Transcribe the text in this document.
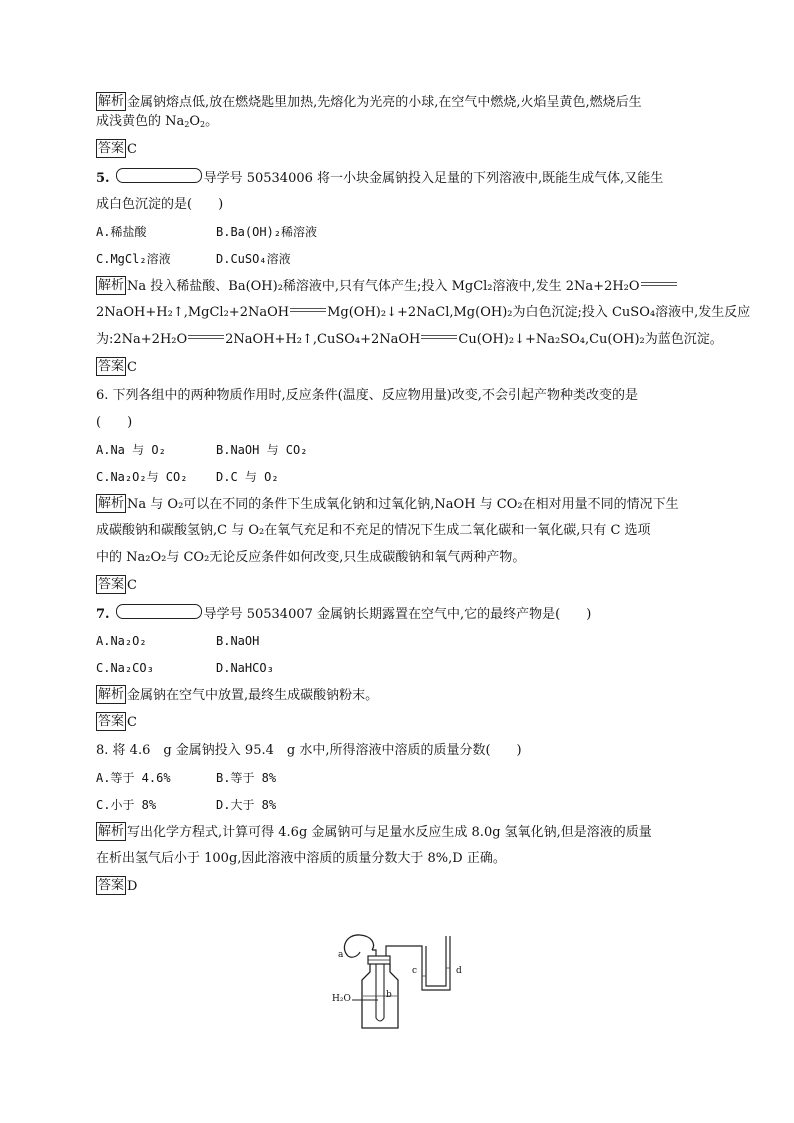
解析 金属钠熔点低,放在燃烧匙里加热,先熔化为光亮的小球,在空气中燃烧,火焰呈黄色,燃烧后生

成浅黄色的 $Na_2O_2$。

答案 C

5.	导学号 50534006 将一小块金属钠投入足量的下列溶液中,既能生成气体,又能生

成白色沉淀的是(　　)

A.稀盐酸	B.Ba(OH)₂稀溶液

C.MgCl₂溶液	D.CuSO₄溶液

解析 Na 投入稀盐酸、Ba(OH)₂稀溶液中,只有气体产生;投入 MgCl₂溶液中,发生 2Na+2H₂O

2NaOH+H₂↑,MgCl₂+2NaOH	Mg(OH)₂↓+2NaCl,Mg(OH)₂为白色沉淀;投入 CuSO₄溶液中,发生反应

为:2Na+2H₂O	2NaOH+H₂↑,CuSO₄+2NaOH	Cu(OH)₂↓+Na₂SO₄,Cu(OH)₂为蓝色沉淀。

答案 C

6. 下列各组中的两种物质作用时,反应条件(温度、反应物用量)改变,不会引起产物种类改变的是

(　　)

A.Na 与 O₂	B.NaOH 与 CO₂

C.Na₂O₂与 CO₂ D.C 与 O₂

解析 Na 与 O₂可以在不同的条件下生成氧化钠和过氧化钠,NaOH 与 CO₂在相对用量不同的情况下生

成碳酸钠和碳酸氢钠,C 与 O₂在氧气充足和不充足的情况下生成二氧化碳和一氧化碳,只有 C 选项

中的 Na₂O₂与 CO₂无论反应条件如何改变,只生成碳酸钠和氧气两种产物。

答案 C

7.	导学号 50534007 金属钠长期露置在空气中,它的最终产物是(　　)

A.Na₂O₂	B.NaOH

C.Na₂CO₃	D.NaHCO₃

解析 金属钠在空气中放置,最终生成碳酸钠粉末。

答案 C

8. 将 4.6　g 金属钠投入 95.4　g 水中,所得溶液中溶质的质量分数(　　)

A.等于 4.6%	B.等于 8%

C.小于 8%	D.大于 8%

解析 写出化学方程式,计算可得 4.6g 金属钠可与足量水反应生成 8.0g 氢氧化钠,但是溶液的质量

在析出氢气后小于 100g,因此溶液中溶质的质量分数大于 8%,D 正确。

答案 D

a
b
c	d
H₂O
